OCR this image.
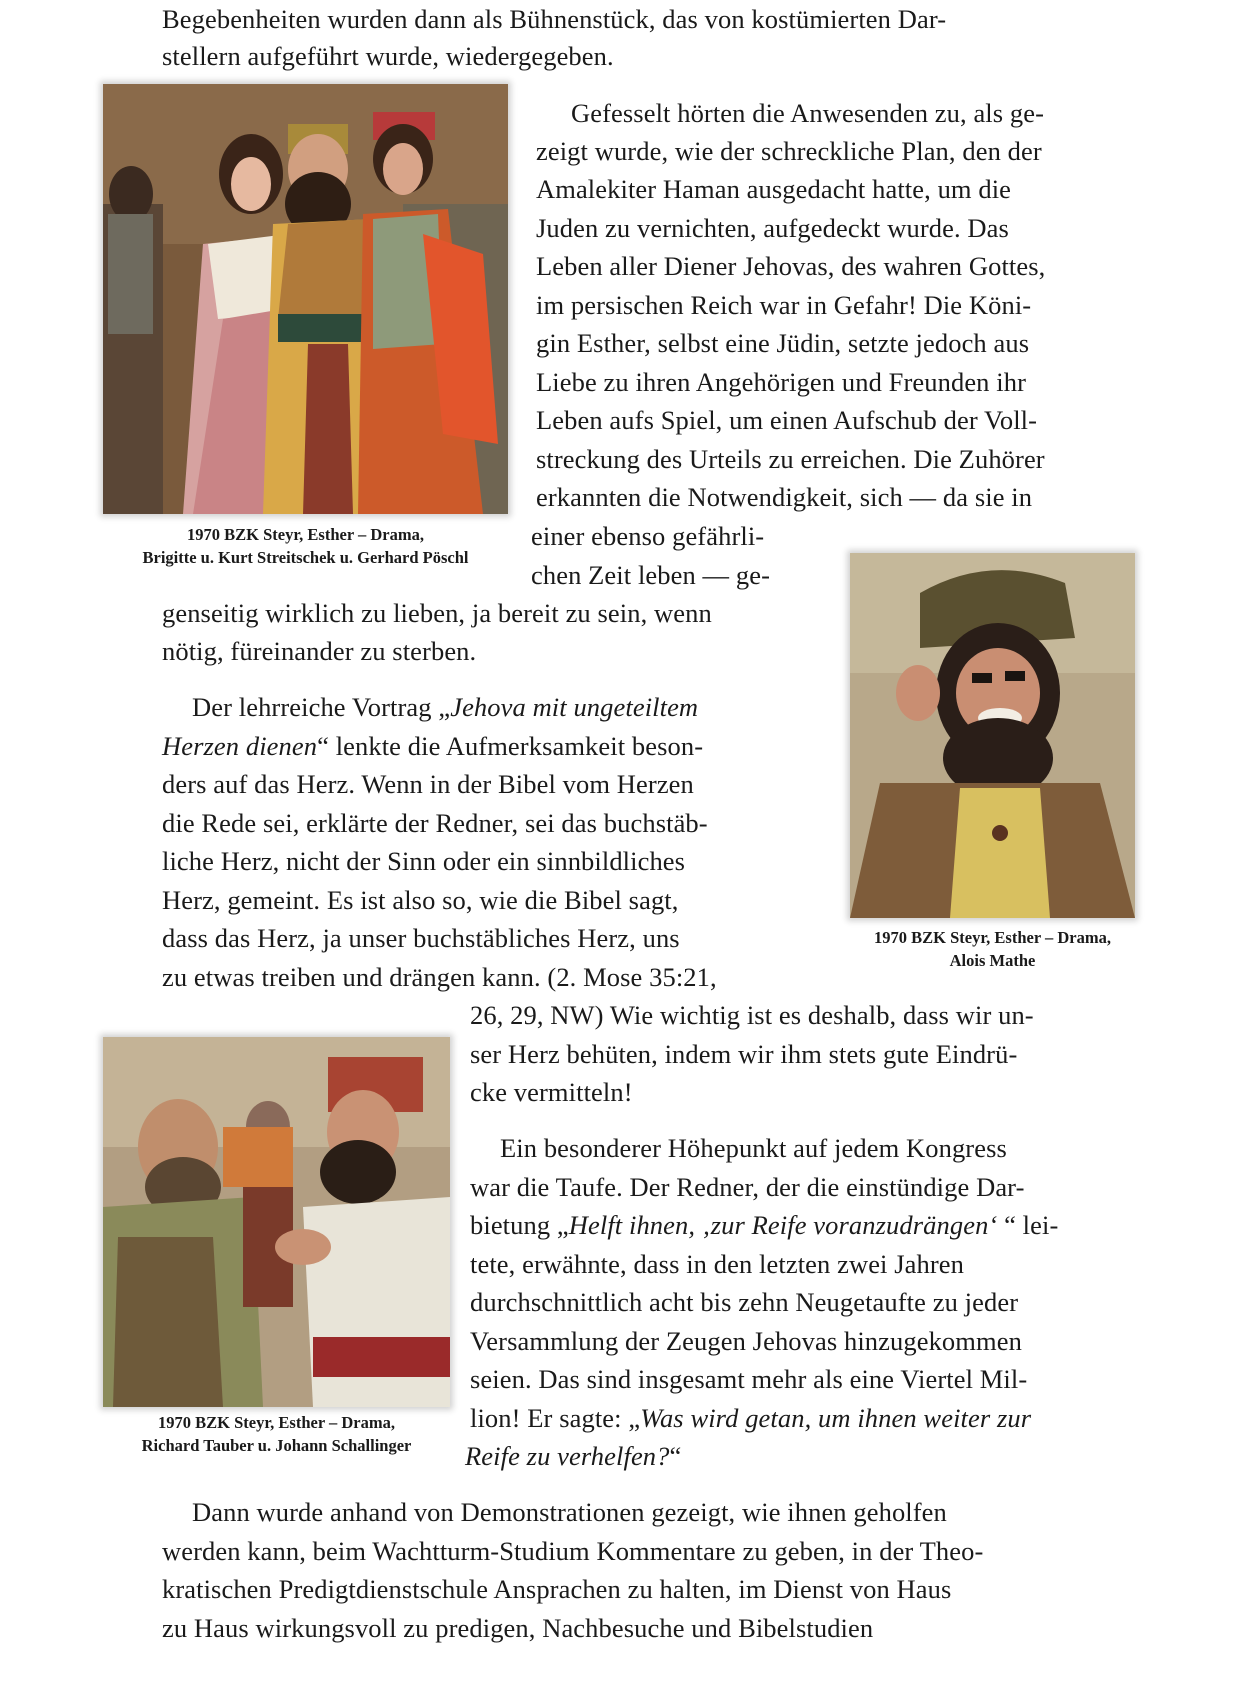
1970 BZK Steyr, Esther – Drama,
Brigitte u. Kurt Streitschek u. Gerhard Pöschl
1970 BZK Steyr, Esther – Drama,
Alois Mathe
1970 BZK Steyr, Esther – Drama,
Richard Tauber u. Johann Schallinger
Begebenheiten wurden dann als Bühnenstück, das von kostümierten Dar-
stellern aufgeführt wurde, wiedergegeben.
Gefesselt hörten die Anwesenden zu, als ge-
zeigt wurde, wie der schreckliche Plan, den der
Amalekiter Haman ausgedacht hatte, um die
Juden zu vernichten, aufgedeckt wurde. Das
Leben aller Diener Jehovas, des wahren Gottes,
im persischen Reich war in Gefahr! Die Köni-
gin Esther, selbst eine Jüdin, setzte jedoch aus
Liebe zu ihren Angehörigen und Freunden ihr
Leben aufs Spiel, um einen Aufschub der Voll-
streckung des Urteils zu erreichen. Die Zuhörer
erkannten die Notwendigkeit, sich — da sie in
einer ebenso gefährli-
chen Zeit leben — ge-
genseitig wirklich zu lieben, ja bereit zu sein, wenn
nötig, füreinander zu sterben.
Der lehrreiche Vortrag „Jehova mit ungeteiltem
Herzen dienen“ lenkte die Aufmerksamkeit beson-
ders auf das Herz. Wenn in der Bibel vom Herzen
die Rede sei, erklärte der Redner, sei das buchstäb-
liche Herz, nicht der Sinn oder ein sinnbildliches
Herz, gemeint. Es ist also so, wie die Bibel sagt,
dass das Herz, ja unser buchstäbliches Herz, uns
zu etwas treiben und drängen kann. (2. Mose 35:21,
26, 29, NW) Wie wichtig ist es deshalb, dass wir un-
ser Herz behüten, indem wir ihm stets gute Eindrü-
cke vermitteln!
Ein besonderer Höhepunkt auf jedem Kongress
war die Taufe. Der Redner, der die einstündige Dar-
bietung „Helft ihnen, ‚zur Reife voranzudrängen‘ “ lei-
tete, erwähnte, dass in den letzten zwei Jahren
durchschnittlich acht bis zehn Neugetaufte zu jeder
Versammlung der Zeugen Jehovas hinzugekommen
seien. Das sind insgesamt mehr als eine Viertel Mil-
lion! Er sagte: „Was wird getan, um ihnen weiter zur
Reife zu verhelfen?“
Dann wurde anhand von Demonstrationen gezeigt, wie ihnen geholfen
werden kann, beim Wachtturm-Studium Kommentare zu geben, in der Theo-
kratischen Predigtdienstschule Ansprachen zu halten, im Dienst von Haus
zu Haus wirkungsvoll zu predigen, Nachbesuche und Bibelstudien
